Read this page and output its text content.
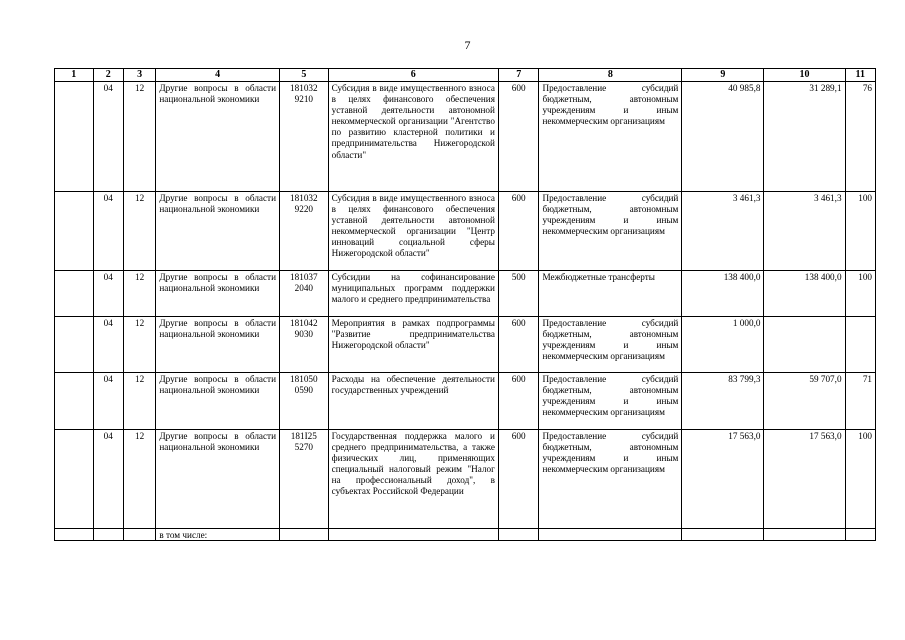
7
1	2	3	4	5	6	7	8	9	10	11
	04	12	Другие вопросы в области национальной экономики	181032 9210	Субсидия в виде имущественного взноса в целях финансового обеспечения уставной деятельности автономной некоммерческой организации "Агентство по развитию кластерной политики и предпринимательства Нижегородской области"	600	Предоставление субсидий бюджетным, автономным учреждениям и иным некоммерческим организациям	40 985,8	31 289,1	76
	04	12	Другие вопросы в области национальной экономики	181032 9220	Субсидия в виде имущественного взноса в целях финансового обеспечения уставной деятельности автономной некоммерческой организации "Центр инноваций социальной сферы Нижегородской области"	600	Предоставление субсидий бюджетным, автономным учреждениям и иным некоммерческим организациям	3 461,3	3 461,3	100
	04	12	Другие вопросы в области национальной экономики	181037 2040	Субсидии на софинансирование муниципальных программ поддержки малого и среднего предпринимательства	500	Межбюджетные трансферты	138 400,0	138 400,0	100
	04	12	Другие вопросы в области национальной экономики	181042 9030	Мероприятия в рамках подпрограммы "Развитие предпринимательства Нижегородской области"	600	Предоставление субсидий бюджетным, автономным учреждениям и иным некоммерческим организациям	1 000,0		
	04	12	Другие вопросы в области национальной экономики	181050 0590	Расходы на обеспечение деятельности государственных учреждений	600	Предоставление субсидий бюджетным, автономным учреждениям и иным некоммерческим организациям	83 799,3	59 707,0	71
	04	12	Другие вопросы в области национальной экономики	181I25 5270	Государственная поддержка малого и среднего предпринимательства, а также физических лиц, применяющих специальный налоговый режим "Налог на профессиональный доход", в субъектах Российской Федерации	600	Предоставление субсидий бюджетным, автономным учреждениям и иным некоммерческим организациям	17 563,0	17 563,0	100
			в том числе:							
